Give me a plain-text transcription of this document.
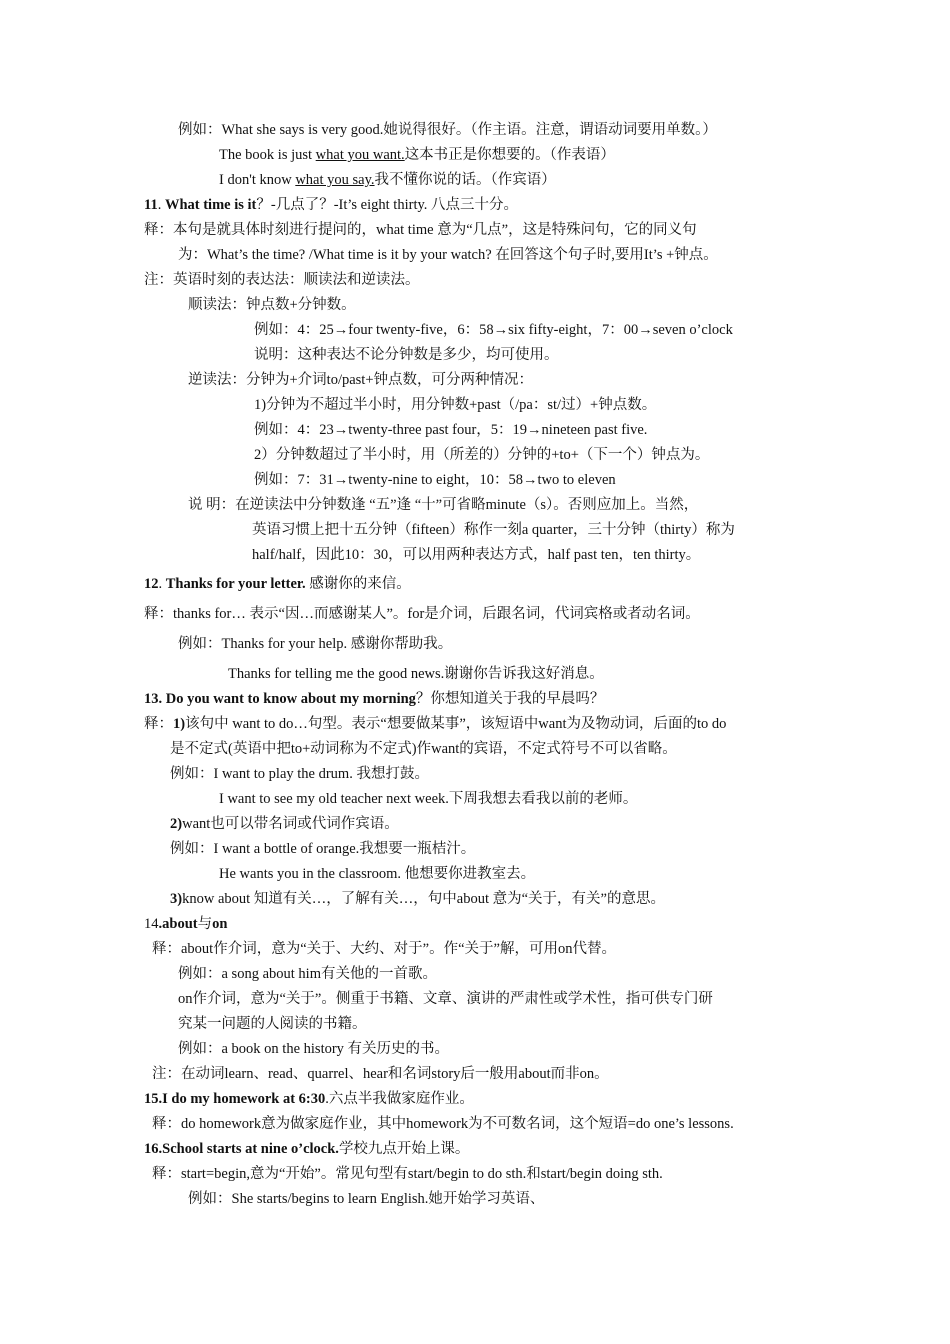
例如：What she says is very good.她说得很好。（作主语。注意，谓语动词要用单数。）
The book is just what you want.这本书正是你想要的。（作表语）
I don't know what you say.我不懂你说的话。（作宾语）
11. What time is it？-几点了？-It’s eight thirty. 八点三十分。
释：本句是就具体时刻进行提问的，what time 意为“几点”，这是特殊问句，它的同义句
为：What’s the time? /What time is it by your watch? 在回答这个句子时,要用It’s +钟点。
注：英语时刻的表达法：顺读法和逆读法。
顺读法：钟点数+分钟数。
例如：4：25→four twenty-five，6：58→six fifty-eight，7：00→seven o’clock
说明：这种表达不论分钟数是多少，均可使用。
逆读法：分钟为+介词to/past+钟点数，可分两种情况：
1)分钟为不超过半小时，用分钟数+past（/pa：st/过）+钟点数。
例如：4：23→twenty-three past four，5：19→nineteen past five.
2）分钟数超过了半小时，用（所差的）分钟的+to+（下一个）钟点为。
例如：7：31→twenty-nine to eight，10：58→two to eleven
说 明：在逆读法中分钟数逢 “五”逢 “十”可省略minute（s）。否则应加上。当然，
英语习惯上把十五分钟（fifteen）称作一刻a quarter，三十分钟（thirty）称为
half/half，因此10：30，可以用两种表达方式，half past ten，ten thirty。
12. Thanks for your letter. 感谢你的来信。
释：thanks for… 表示“因…而感谢某人”。for是介词，后跟名词，代词宾格或者动名词。
例如：Thanks for your help. 感谢你帮助我。
Thanks for telling me the good news.谢谢你告诉我这好消息。
13. Do you want to know about my morning？你想知道关于我的早晨吗？
释：1)该句中 want to do…句型。表示“想要做某事”，该短语中want为及物动词，后面的to do
是不定式(英语中把to+动词称为不定式)作want的宾语，不定式符号不可以省略。
例如：I want to play the drum. 我想打鼓。
I want to see my old teacher next week.下周我想去看我以前的老师。
2)want也可以带名词或代词作宾语。
例如：I want a bottle of orange.我想要一瓶桔汁。
He wants you in the classroom. 他想要你进教室去。
3)know about 知道有关…，了解有关…，句中about 意为“关于，有关”的意思。
14.about与on
释：about作介词，意为“关于、大约、对于”。作“关于”解，可用on代替。
例如：a song about him有关他的一首歌。
on作介词，意为“关于”。侧重于书籍、文章、演讲的严肃性或学术性，指可供专门研
究某一问题的人阅读的书籍。
例如：a book on the history 有关历史的书。
注：在动词learn、read、quarrel、hear和名词story后一般用about而非on。
15.I do my homework at 6:30.六点半我做家庭作业。
释：do homework意为做家庭作业，其中homework为不可数名词，这个短语=do one’s lessons.
16.School starts at nine o’clock.学校九点开始上课。
释：start=begin,意为“开始”。常见句型有start/begin to do sth.和start/begin doing sth.
例如：She starts/begins to learn English.她开始学习英语、
